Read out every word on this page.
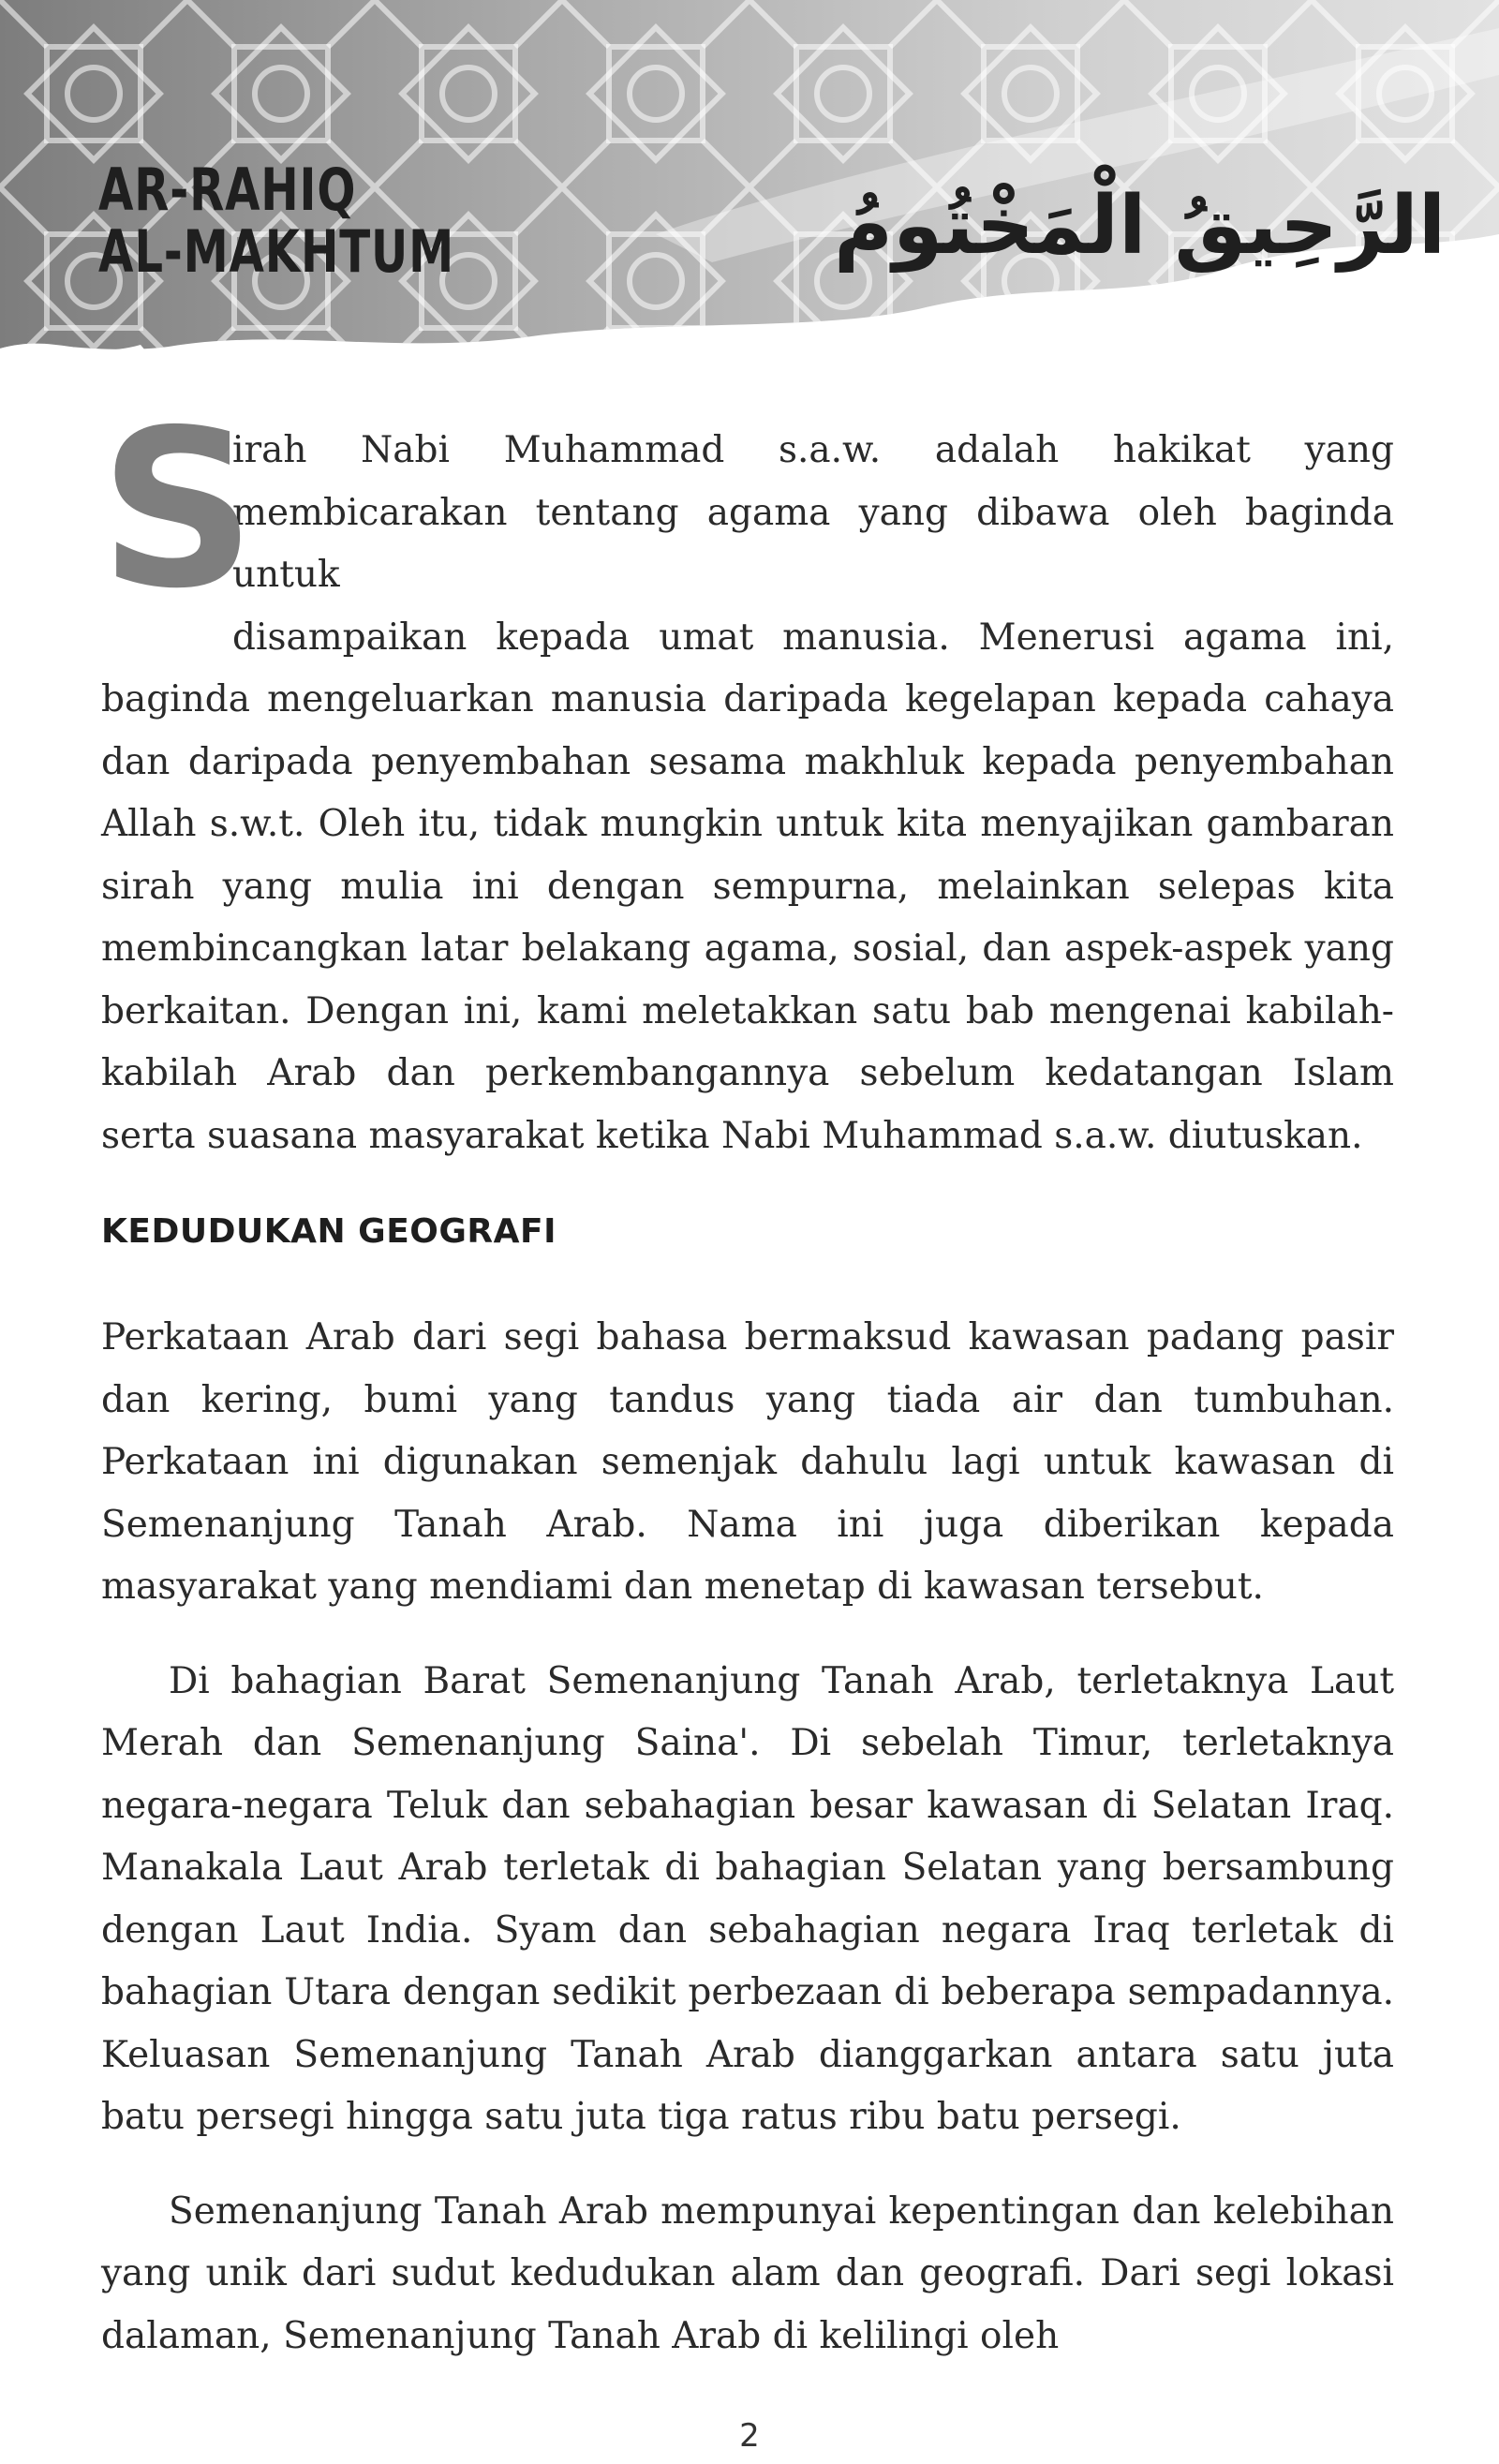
AR-RAHIQ
AL-MAKHTUM	الرَّحِيقُ الْمَخْتُومُ
S
irah Nabi Muhammad s.a.w. adalah hakikat yang
membicarakan tentang agama yang dibawa oleh baginda untuk
disampaikan kepada umat manusia. Menerusi agama ini,
baginda mengeluarkan manusia daripada kegelapan kepada cahaya
dan daripada penyembahan sesama makhluk kepada penyembahan
Allah s.w.t. Oleh itu, tidak mungkin untuk kita menyajikan gambaran
sirah yang mulia ini dengan sempurna, melainkan selepas kita
membincangkan latar belakang agama, sosial, dan aspek-aspek yang
berkaitan. Dengan ini, kami meletakkan satu bab mengenai kabilah-
kabilah Arab dan perkembangannya sebelum kedatangan Islam
serta suasana masyarakat ketika Nabi Muhammad s.a.w. diutuskan.
KEDUDUKAN GEOGRAFI

Perkataan Arab dari segi bahasa bermaksud kawasan padang pasir dan kering, bumi yang tandus yang tiada air dan tumbuhan. Perkataan ini digunakan semenjak dahulu lagi untuk kawasan di Semenanjung Tanah Arab. Nama ini juga diberikan kepada masyarakat yang mendiami dan menetap di kawasan tersebut.

Di bahagian Barat Semenanjung Tanah Arab, terletaknya Laut Merah dan Semenanjung Saina'. Di sebelah Timur, terletaknya negara-negara Teluk dan sebahagian besar kawasan di Selatan Iraq. Manakala Laut Arab terletak di bahagian Selatan yang bersambung dengan Laut India. Syam dan sebahagian negara Iraq terletak di bahagian Utara dengan sedikit perbezaan di beberapa sempadannya. Keluasan Semenanjung Tanah Arab dianggarkan antara satu juta batu persegi hingga satu juta tiga ratus ribu batu persegi.

Semenanjung Tanah Arab mempunyai kepentingan dan kelebihan yang unik dari sudut kedudukan alam dan geografi. Dari segi lokasi dalaman, Semenanjung Tanah Arab di kelilingi oleh

2
